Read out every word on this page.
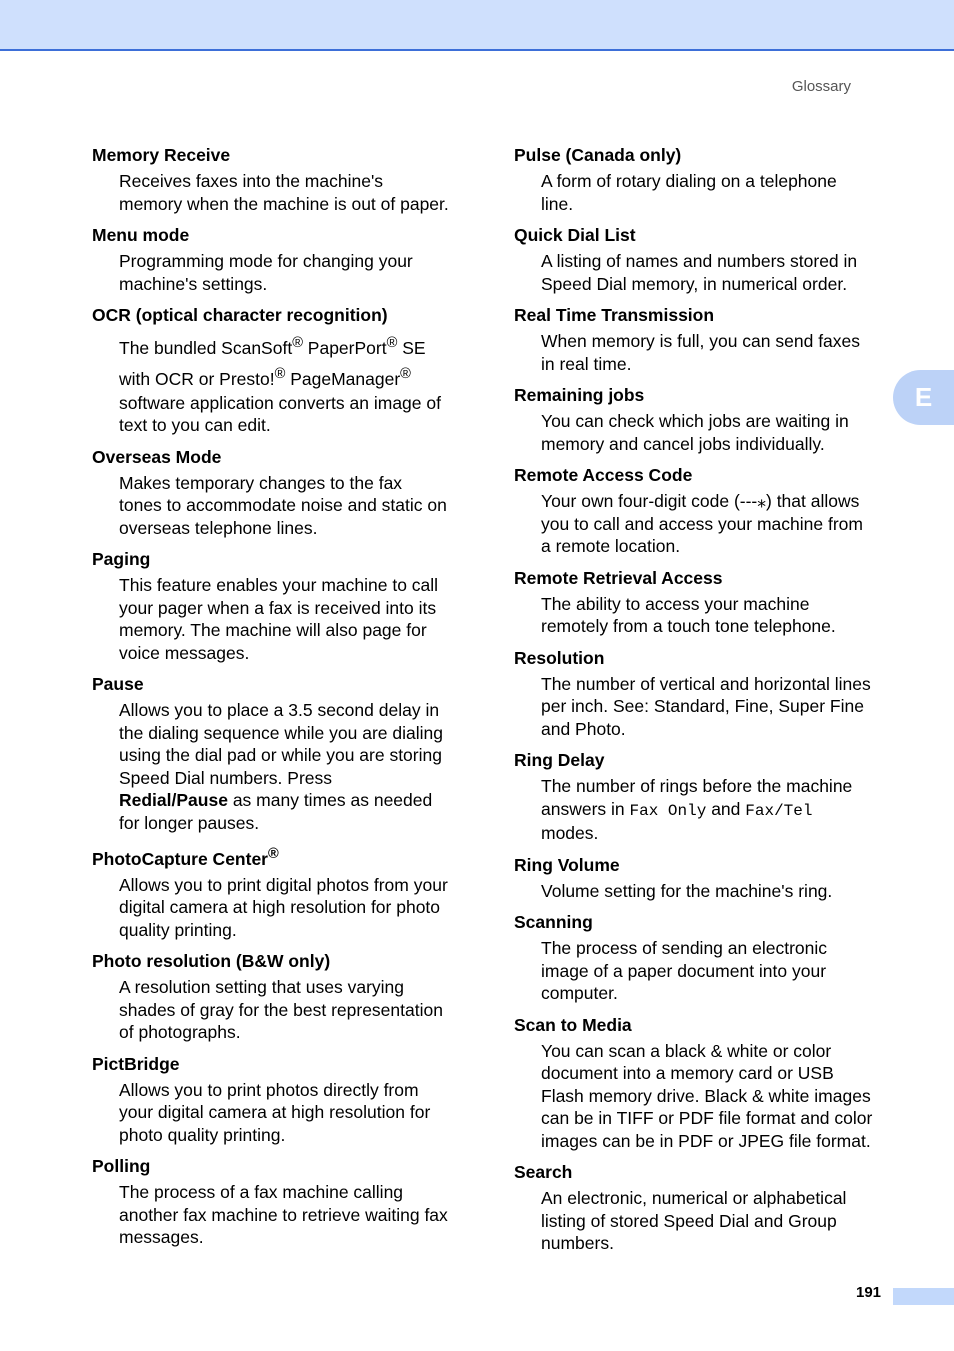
Glossary
E
Memory Receive
Receives faxes into the machine's
memory when the machine is out of paper.
Menu mode
Programming mode for changing your
machine's settings.
OCR (optical character recognition)
The bundled ScanSoft® PaperPort® SE
with OCR or Presto!® PageManager®
software application converts an image of
text to you can edit.
Overseas Mode
Makes temporary changes to the fax
tones to accommodate noise and static on
overseas telephone lines.
Paging
This feature enables your machine to call
your pager when a fax is received into its
memory. The machine will also page for
voice messages.
Pause
Allows you to place a 3.5 second delay in
the dialing sequence while you are dialing
using the dial pad or while you are storing
Speed Dial numbers. Press
Redial/Pause as many times as needed
for longer pauses.
PhotoCapture Center®
Allows you to print digital photos from your
digital camera at high resolution for photo
quality printing.
Photo resolution (B&W only)
A resolution setting that uses varying
shades of gray for the best representation
of photographs.
PictBridge
Allows you to print photos directly from
your digital camera at high resolution for
photo quality printing.
Polling
The process of a fax machine calling
another fax machine to retrieve waiting fax
messages.
Pulse (Canada only)
A form of rotary dialing on a telephone
line.
Quick Dial List
A listing of names and numbers stored in
Speed Dial memory, in numerical order.
Real Time Transmission
When memory is full, you can send faxes
in real time.
Remaining jobs
You can check which jobs are waiting in
memory and cancel jobs individually.
Remote Access Code
Your own four-digit code (---⁎) that allows
you to call and access your machine from
a remote location.
Remote Retrieval Access
The ability to access your machine
remotely from a touch tone telephone.
Resolution
The number of vertical and horizontal lines
per inch. See: Standard, Fine, Super Fine
and Photo.
Ring Delay
The number of rings before the machine
answers in Fax Only and Fax/Tel
modes.
Ring Volume
Volume setting for the machine's ring.
Scanning
The process of sending an electronic
image of a paper document into your
computer.
Scan to Media
You can scan a black & white or color
document into a memory card or USB
Flash memory drive. Black & white images
can be in TIFF or PDF file format and color
images can be in PDF or JPEG file format.
Search
An electronic, numerical or alphabetical
listing of stored Speed Dial and Group
numbers.
191
